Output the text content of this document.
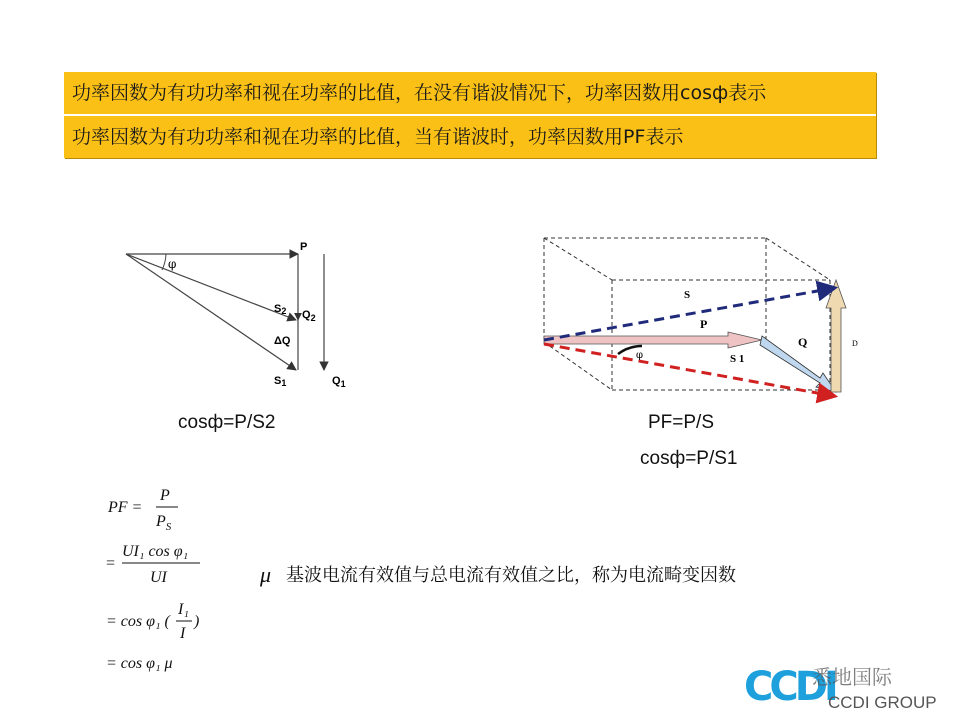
功率因数为有功功率和视在功率的比值，在没有谐波情况下，功率因数用cosф表示
功率因数为有功功率和视在功率的比值，当有谐波时，功率因数用PF表示
P
φ
S2 $Q_2$
ΔQ
S1	$Q_1$
cosф=P/S2
S
P
Q
S 1
D
φ
PF=P/S
cosф=P/S1
PF =
P
$P_S$
=
UI₁ cos φ₁
UI
= cos φ₁ (
I₁
I
)
= cos φ₁ μ
μ 基波电流有效值与总电流有效值之比，称为电流畸变因数
CCDI
悉地国际
CCDI GROUP
